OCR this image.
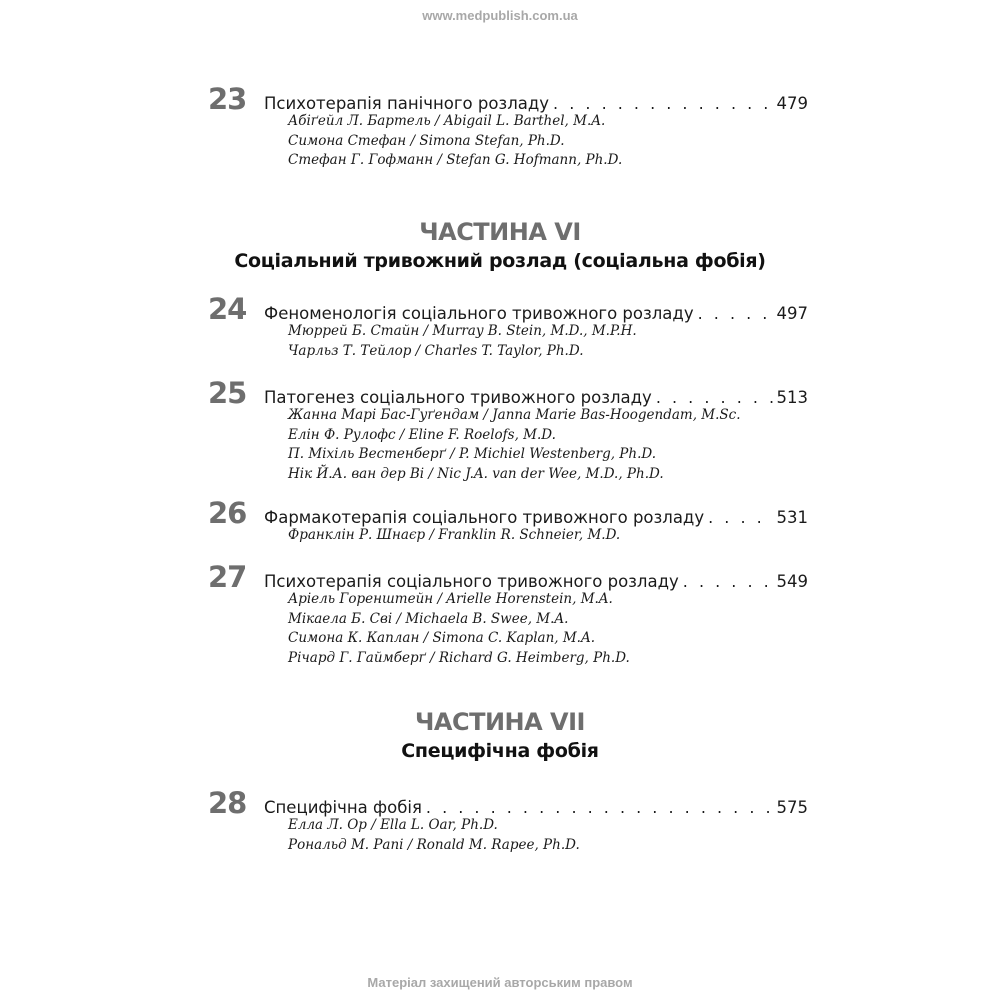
www.medpublish.com.ua
23	Психотерапія панічного розладу . . .	479
Абіґейл Л. Бартель / Abigail L. Barthel, M.A.
Симона Стефан / Simona Stefan, Ph.D.
Стефан Г. Гофманн / Stefan G. Hofmann, Ph.D.
ЧАСТИНА VI
Соціальний тривожний розлад (соціальна фобія)
24	Феноменологія соціального тривожного розладу . . .	497
Мюррей Б. Стайн / Murray B. Stein, M.D., M.P.H.
Чарльз Т. Тейлор / Charles T. Taylor, Ph.D.
25	Патогенез соціального тривожного розладу . . .	513
Жанна Марі Бас-Гуґендам / Janna Marie Bas-Hoogendam, M.Sc.
Елін Ф. Рулофс / Eline F. Roelofs, M.D.
П. Міхіль Вестенберґ / P. Michiel Westenberg, Ph.D.
Нік Й.А. ван дер Ві / Nic J.A. van der Wee, M.D., Ph.D.
26	Фармакотерапія соціального тривожного розладу . . .	531
Франклін Р. Шнаєр / Franklin R. Schneier, M.D.
27	Психотерапія соціального тривожного розладу . . .	549
Аріель Горенштейн / Arielle Horenstein, M.A.
Мікаела Б. Сві / Michaela B. Swee, M.A.
Симона К. Каплан / Simona C. Kaplan, M.A.
Річард Г. Гаймберґ / Richard G. Heimberg, Ph.D.
ЧАСТИНА VII
Специфічна фобія
28	Специфічна фобія . . .	575
Елла Л. Ор / Ella L. Oar, Ph.D.
Рональд М. Рапі / Ronald M. Rapee, Ph.D.
Матеріал захищений авторським правом
